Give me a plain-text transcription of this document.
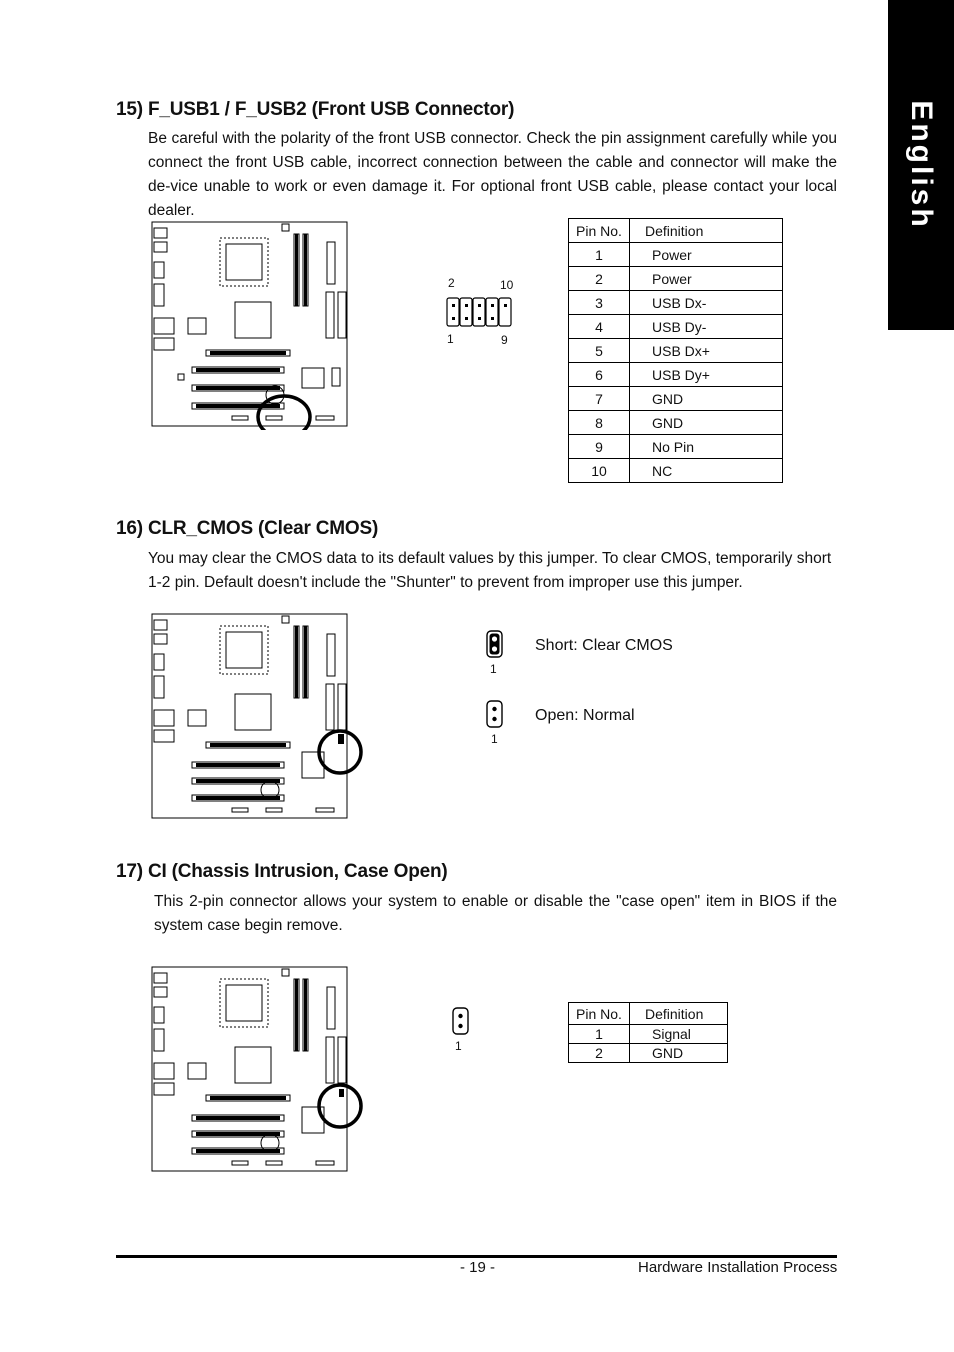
English
15) F_USB1 / F_USB2 (Front USB Connector)

Be careful with the polarity of the front USB connector. Check the pin assignment carefully while you connect the front USB cable, incorrect connection between the cable and connector will make the de-vice unable to work or even damage it. For optional front USB cable, please contact your local dealer.

2	10
1	9
Pin No.	Definition
1	Power
2	Power
3	USB Dx-
4	USB Dy-
5	USB Dx+
6	USB Dy+
7	GND
8	GND
9	No Pin
10	NC
16) CLR_CMOS (Clear CMOS)

You may clear the CMOS data to its default values by this jumper. To clear CMOS, temporarily short 1-2 pin. Default doesn't include the "Shunter" to prevent from improper use this jumper.

1
Short: Clear CMOS
1
Open: Normal
17) CI (Chassis Intrusion, Case Open)

This 2-pin connector allows your system to enable or disable the "case open" item in BIOS if the system case begin remove.

1
Pin No.	Definition
1	Signal
2	GND
- 19 -	Hardware Installation Process
